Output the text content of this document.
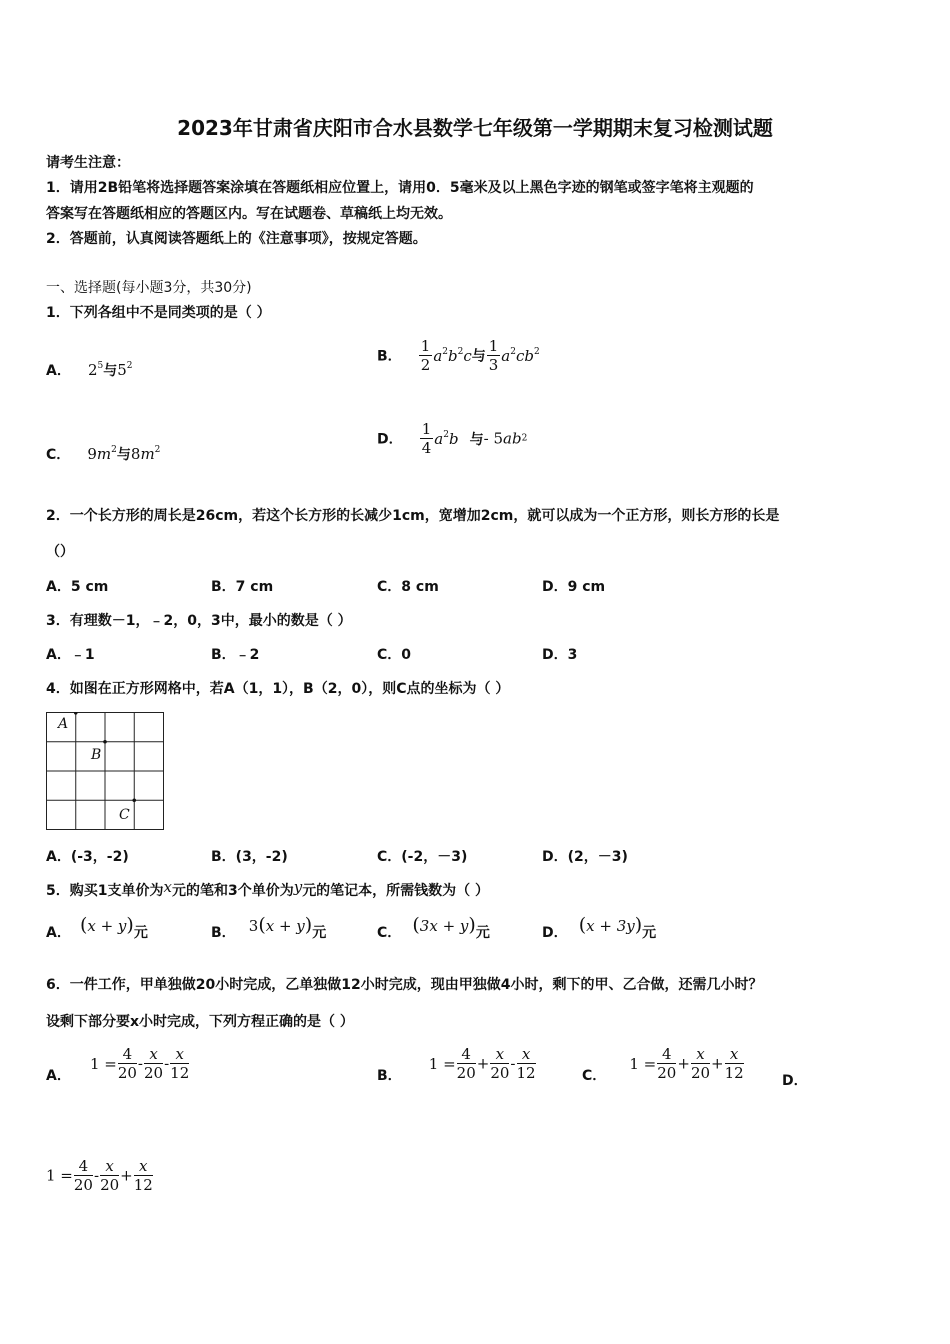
2023年甘肃省庆阳市合水县数学七年级第一学期期末复习检测试题
请考生注意：
1．请用2B铅笔将选择题答案涂填在答题纸相应位置上，请用0．5毫米及以上黑色字迹的钢笔或签字笔将主观题的
答案写在答题纸相应的答题区内。写在试题卷、草稿纸上均无效。
2．答题前，认真阅读答题纸上的《注意事项》，按规定答题。
一、选择题(每小题3分，共30分)
1．下列各组中不是同类项的是（ ）
A． $2^5$与$5^2$
B． $\frac{1}{2} a^2b^2c$与 $\frac{1}{3} a^2cb^2$
C． $9m^2$与$8m^2$
D． $\frac{1}{4} a^2b$ 与- 5ab2
2．一个长方形的周长是26cm，若这个长方形的长减少1cm，宽增加2cm，就可以成为一个正方形，则长方形的长是
（）
A．5 cm	B．7 cm	C．8 cm	D．9 cm
3．有理数－1，﹣2，0，3中，最小的数是（ ）
A．﹣1	B．﹣2	C．0	D．3
4．如图在正方形网格中，若A（1，1），B（2，0），则C点的坐标为（ ）
A
B
C
A．(-3，-2)	B．(3，-2)	C．(-2，－3)	D．(2，－3)
5．购买1支单价为x元的笔和3个单价为y元的笔记本，所需钱数为（ ）
A． (x + y)元	B． 3(x + y)元	C． (3x + y)元	D． (x + 3y)元
6．一件工作，甲单独做20小时完成，乙单独做12小时完成，现由甲独做4小时，剩下的甲、乙合做，还需几小时？
设剩下部分要x小时完成，下列方程正确的是（ ）
A． $1 = \frac{4}{20} - \frac{x}{20} - \frac{x}{12}$	B． $1 = \frac{4}{20} + \frac{x}{20} - \frac{x}{12}$	C． $1 = \frac{4}{20} + \frac{x}{20} + \frac{x}{12}$	D．
$1 = \frac{4}{20} - \frac{x}{20} + \frac{x}{12}$
